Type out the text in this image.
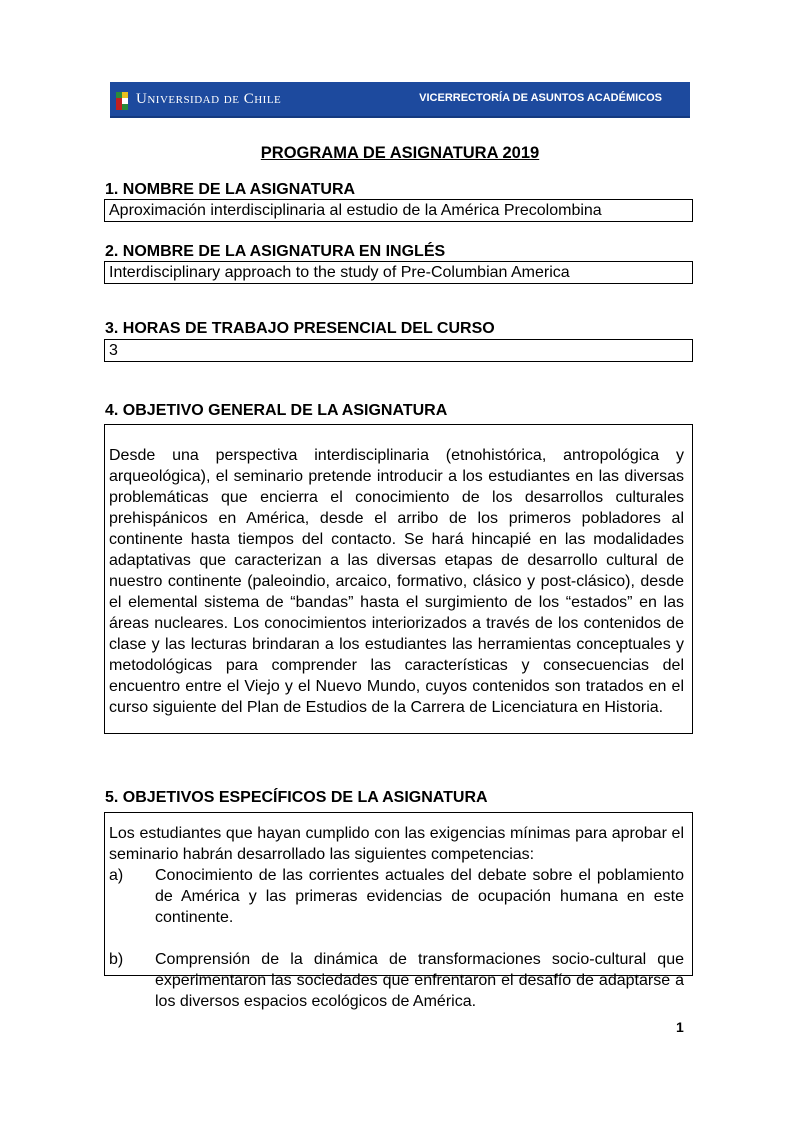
Universidad de Chile	VICERRECTORÍA DE ASUNTOS ACADÉMICOS
PROGRAMA DE ASIGNATURA 2019
1. NOMBRE DE LA ASIGNATURA
Aproximación interdisciplinaria al estudio de la América Precolombina
2. NOMBRE DE LA ASIGNATURA EN INGLÉS
Interdisciplinary approach to the study of Pre-Columbian America
3. HORAS DE TRABAJO PRESENCIAL DEL CURSO
3
4. OBJETIVO GENERAL DE LA ASIGNATURA

Desde una perspectiva interdisciplinaria (etnohistórica, antropológica y arqueológica), el seminario pretende introducir a los estudiantes en las diversas problemáticas que encierra el conocimiento de los desarrollos culturales prehispánicos en América, desde el arribo de los primeros pobladores al continente hasta tiempos del contacto. Se hará hincapié en las modalidades adaptativas que caracterizan a las diversas etapas de desarrollo cultural de nuestro continente (paleoindio, arcaico, formativo, clásico y post-clásico), desde el elemental sistema de “bandas” hasta el surgimiento de los “estados” en las áreas nucleares. Los conocimientos interiorizados a través de los contenidos de clase y las lecturas brindaran a los estudiantes las herramientas conceptuales y metodológicas para comprender las características y consecuencias del encuentro entre el Viejo y el Nuevo Mundo, cuyos contenidos son tratados en el curso siguiente del Plan de Estudios de la Carrera de Licenciatura en Historia.

5. OBJETIVOS ESPECÍFICOS DE LA ASIGNATURA

Los estudiantes que hayan cumplido con las exigencias mínimas para aprobar el seminario habrán desarrollado las siguientes competencias:

a)	Conocimiento de las corrientes actuales del debate sobre el poblamiento de América y las primeras evidencias de ocupación humana en este continente.
b)	Comprensión de la dinámica de transformaciones socio-cultural que experimentaron las sociedades que enfrentaron el desafío de adaptarse a los diversos espacios ecológicos de América.
1
